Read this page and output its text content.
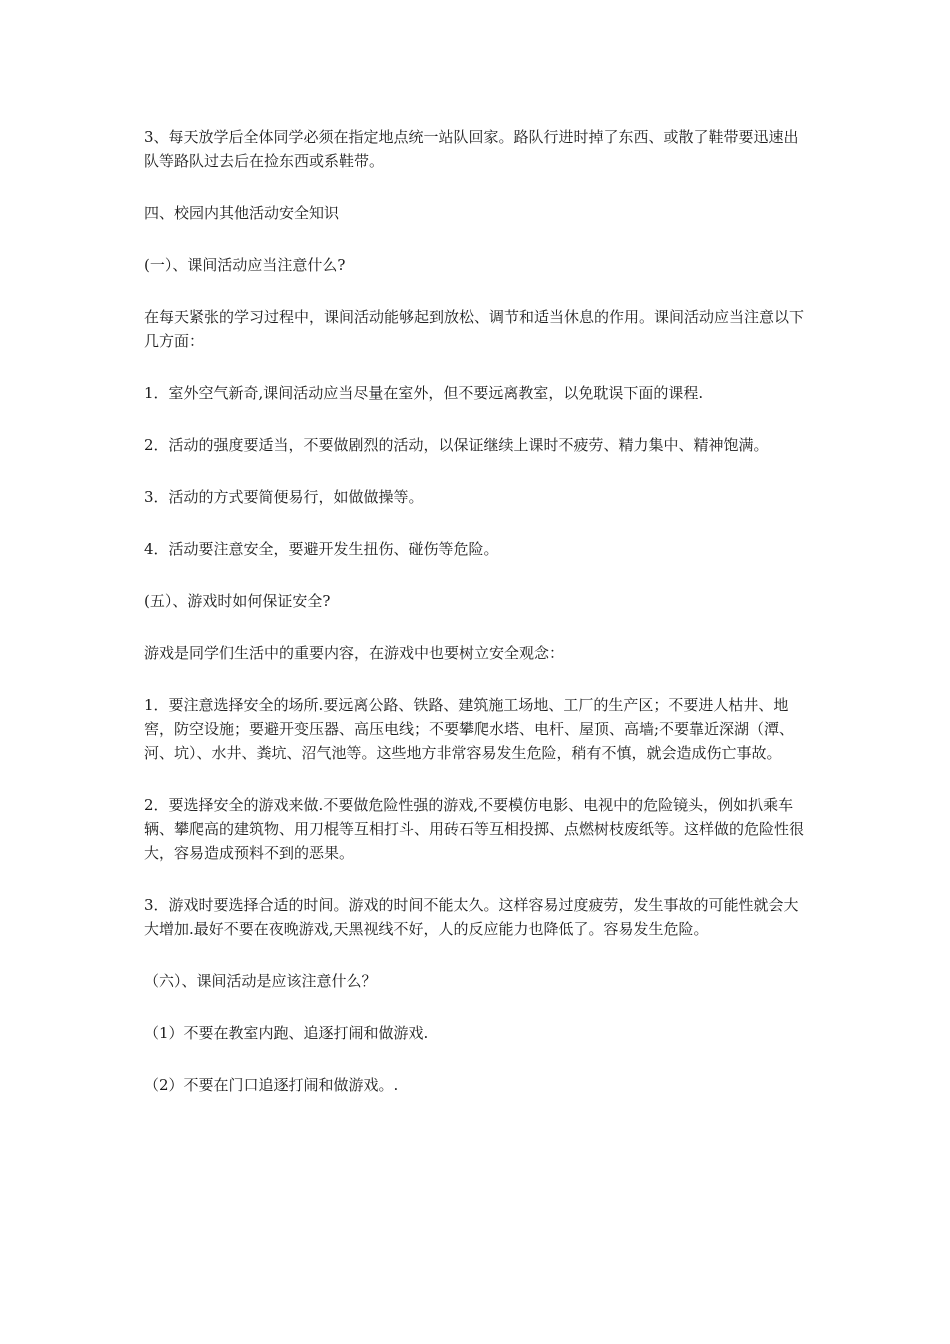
3、每天放学后全体同学必须在指定地点统一站队回家。路队行进时掉了东西、或散了鞋带要迅速出队等路队过去后在捡东西或系鞋带。

四、校园内其他活动安全知识

(一）、课间活动应当注意什么?

在每天紧张的学习过程中，课间活动能够起到放松、调节和适当休息的作用。课间活动应当注意以下几方面：

1．室外空气新奇,课间活动应当尽量在室外，但不要远离教室，以免耽误下面的课程.

2．活动的强度要适当，不要做剧烈的活动，以保证继续上课时不疲劳、精力集中、精神饱满。

3．活动的方式要简便易行，如做做操等。

4．活动要注意安全，要避开发生扭伤、碰伤等危险。

(五）、游戏时如何保证安全?

游戏是同学们生活中的重要内容，在游戏中也要树立安全观念：

1．要注意选择安全的场所.要远离公路、铁路、建筑施工场地、工厂的生产区；不要进人枯井、地窖，防空设施；要避开变压器、高压电线；不要攀爬水塔、电杆、屋顶、高墙;不要靠近深湖（潭、河、坑）、水井、粪坑、沼气池等。这些地方非常容易发生危险，稍有不慎，就会造成伤亡事故。

2．要选择安全的游戏来做.不要做危险性强的游戏,不要模仿电影、电视中的危险镜头，例如扒乘车辆、攀爬高的建筑物、用刀棍等互相打斗、用砖石等互相投掷、点燃树枝废纸等。这样做的危险性很大，容易造成预料不到的恶果。

3．游戏时要选择合适的时间。游戏的时间不能太久。这样容易过度疲劳，发生事故的可能性就会大大增加.最好不要在夜晚游戏,天黑视线不好，人的反应能力也降低了。容易发生危险。

（六）、课间活动是应该注意什么？

（1）不要在教室内跑、追逐打闹和做游戏.

（2）不要在门口追逐打闹和做游戏。.
